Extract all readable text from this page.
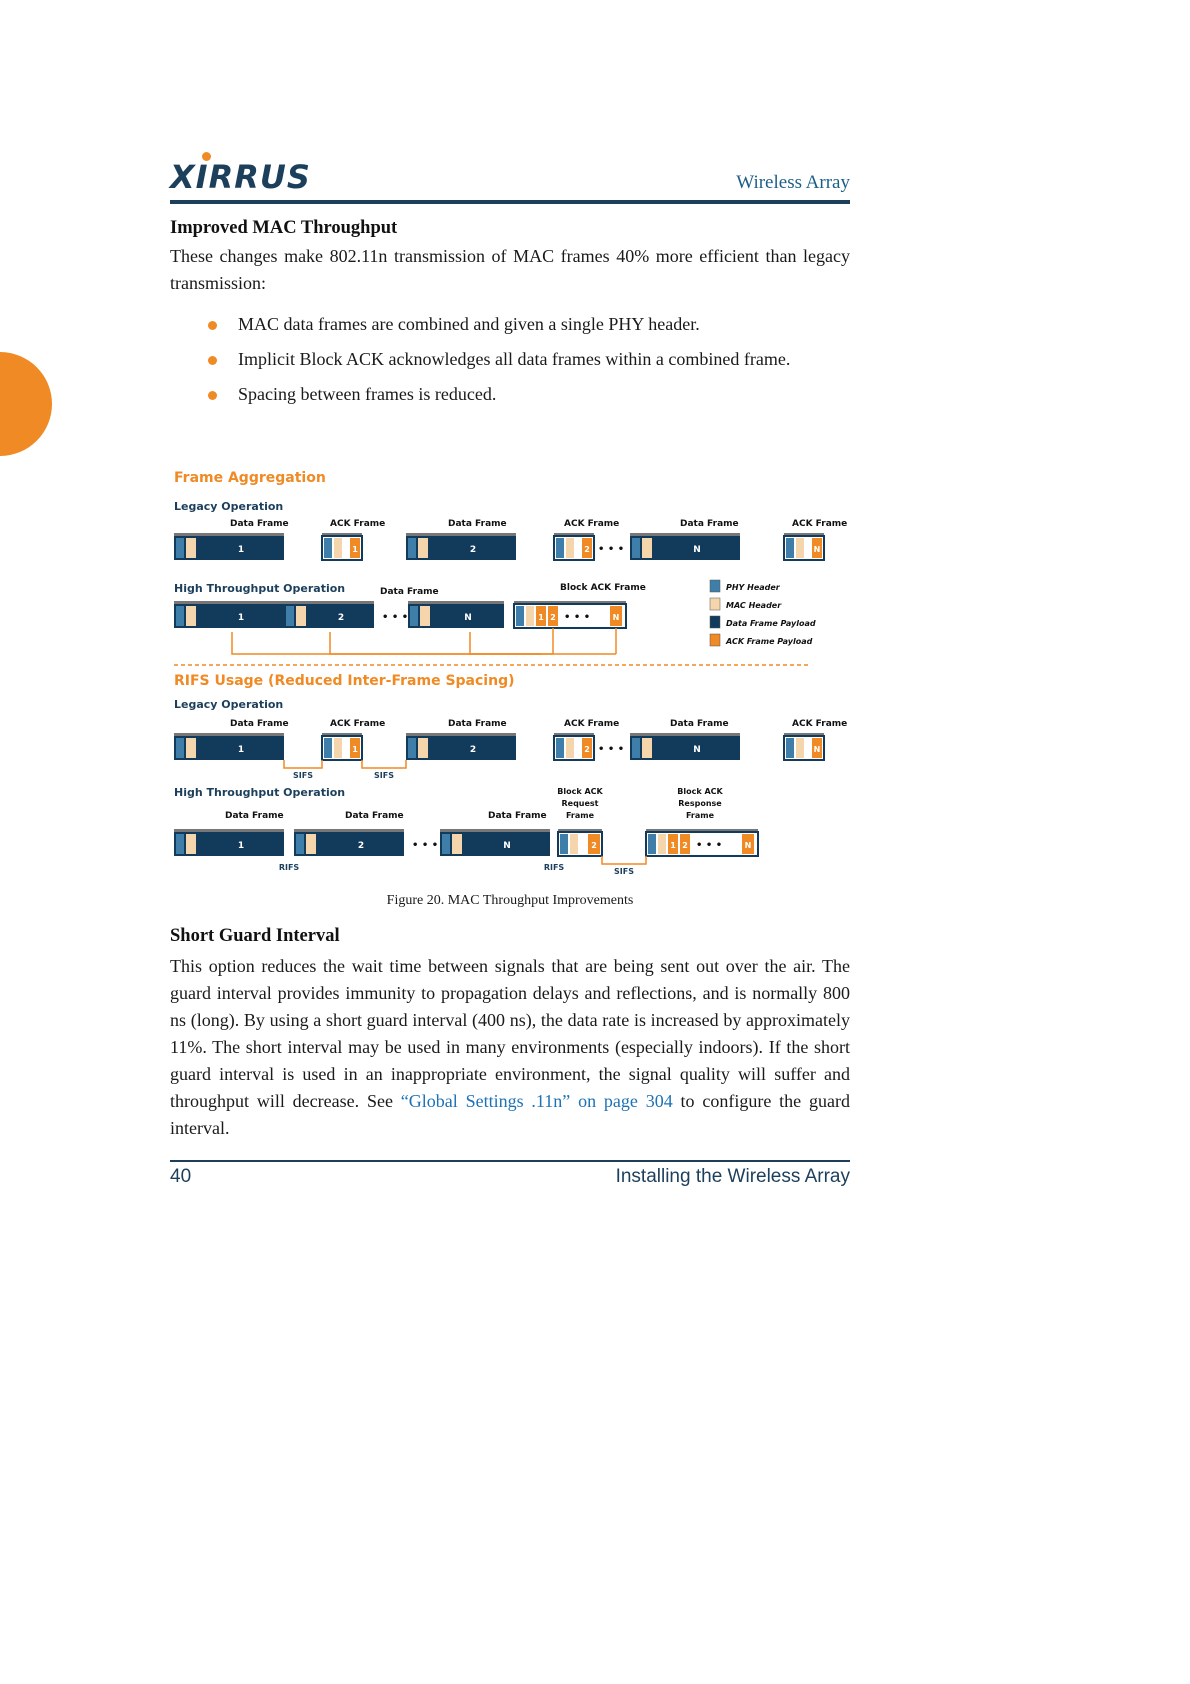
XIRRUS	Wireless Array
Improved MAC Throughput

These changes make 802.11n transmission of MAC frames 40% more efficient than legacy transmission:

MAC data frames are combined and given a single PHY header.
Implicit Block ACK acknowledges all data frames within a combined frame.
Spacing between frames is reduced.
Frame Aggregation
Legacy Operation
Data Frame
1
ACK Frame
1
Data Frame
2
ACK Frame
2 • • •
Data Frame
N
ACK Frame
N
High Throughput Operation	Data Frame	Block ACK Frame
1	2	• • •	N	1 2 • • •	N
PHY Header
MAC Header
Data Frame Payload
ACK Frame Payload
RIFS Usage (Reduced Inter-Frame Spacing)
Legacy Operation
Data Frame
1
ACK Frame
1
Data Frame
2
ACK Frame
2 • • •
Data Frame
N
ACK Frame
N
SIFS	SIFS
High Throughput Operation
Data Frame
1
Data Frame
2	• • •
Data Frame
N
Block ACK
Request
Frame
2
Block ACK
Response
Frame
1 2 • • •	N
RIFS	RIFS	SIFS
Figure 20. MAC Throughput Improvements
Short Guard Interval

This option reduces the wait time between signals that are being sent out over the air. The guard interval provides immunity to propagation delays and reflections, and is normally 800 ns (long). By using a short guard interval (400 ns), the data rate is increased by approximately 11%. The short interval may be used in many environments (especially indoors). If the short guard interval is used in an inappropriate environment, the signal quality will suffer and throughput will decrease. See “Global Settings .11n” on page 304 to configure the guard interval.

40	Installing the Wireless Array
